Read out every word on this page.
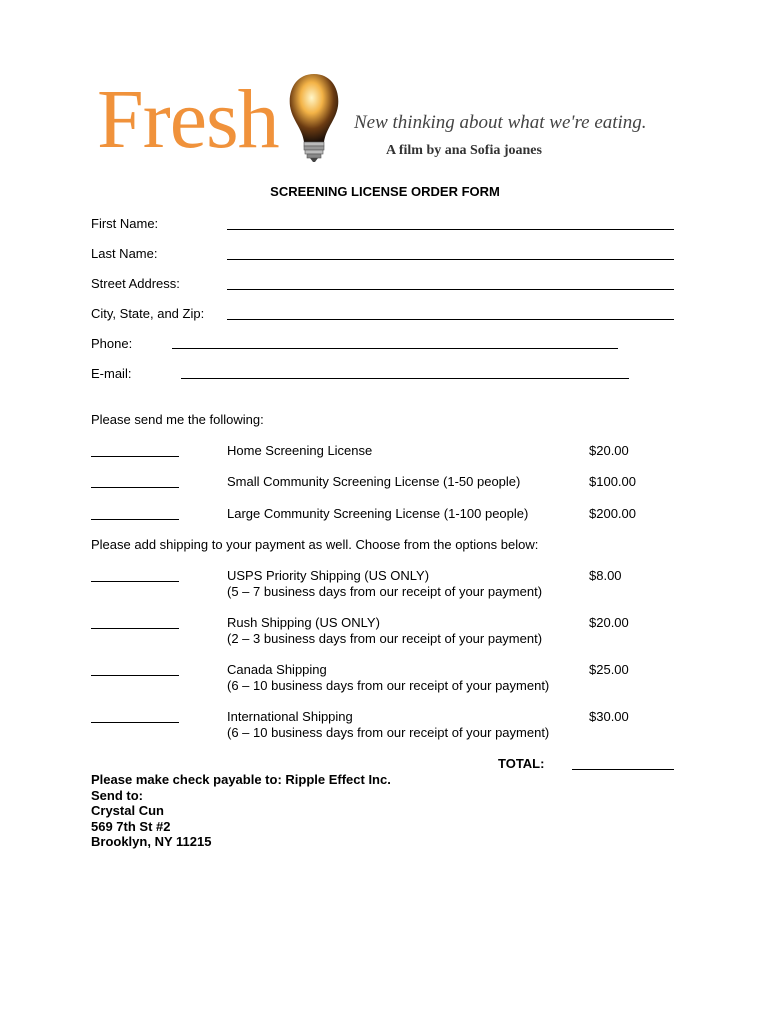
Fresh	New thinking about what we're eating.
A film by ana Sofia joanes
SCREENING LICENSE ORDER FORM
First Name:
Last Name:
Street Address:
City, State, and Zip:
Phone:
E-mail:
Please send me the following:
Home Screening License	$20.00
Small Community Screening License (1-50 people)	$100.00
Large Community Screening License (1-100 people)	$200.00
Please add shipping to your payment as well. Choose from the options below:
USPS Priority Shipping (US ONLY)
(5 – 7 business days from our receipt of your payment)
$8.00
Rush Shipping (US ONLY)
(2 – 3 business days from our receipt of your payment)
$20.00
Canada Shipping
(6 – 10 business days from our receipt of your payment)
$25.00
International Shipping
(6 – 10 business days from our receipt of your payment)
$30.00
TOTAL:
Please make check payable to: Ripple Effect Inc.
Send to:
Crystal Cun
569 7th St #2
Brooklyn, NY 11215
